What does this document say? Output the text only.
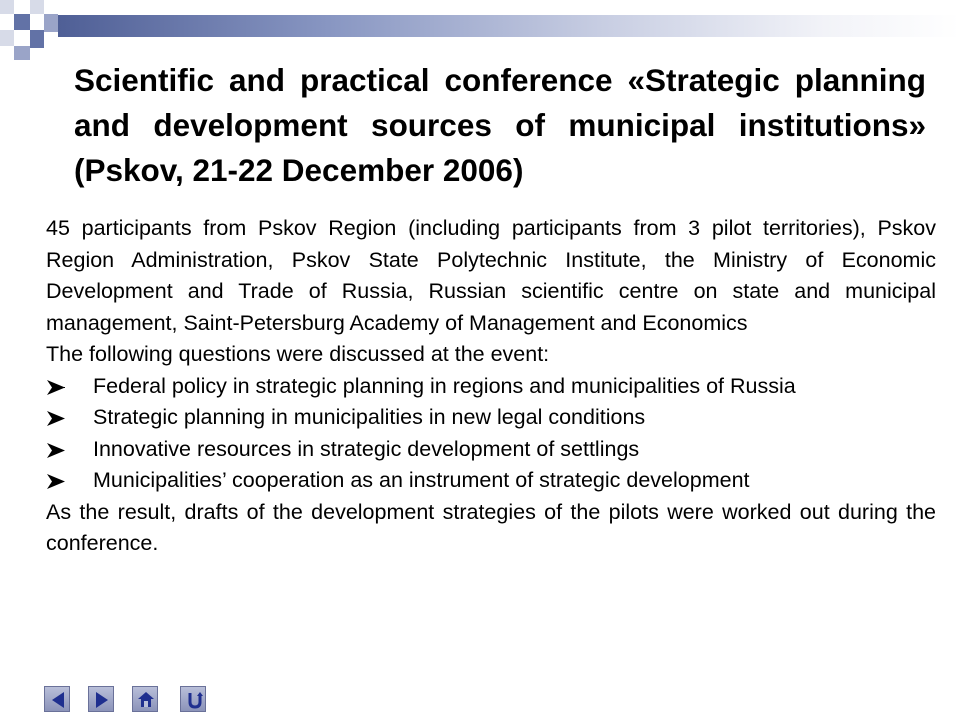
Scientific and practical conference «Strategic planning and development sources of municipal institutions» (Pskov, 21-22 December 2006)

45 participants from Pskov Region (including participants from 3 pilot territories), Pskov Region Administration, Pskov State Polytechnic Institute, the Ministry of Economic Development and Trade of Russia, Russian scientific centre on state and municipal management, Saint-Petersburg Academy of Management and Economics

The following questions were discussed at the event:

Federal policy in strategic planning in regions and municipalities of Russia
Strategic planning in municipalities in new legal conditions
Innovative resources in strategic development of settlings
Municipalities’ cooperation as an instrument of strategic development

As the result, drafts of the development strategies of the pilots were worked out during the conference.
